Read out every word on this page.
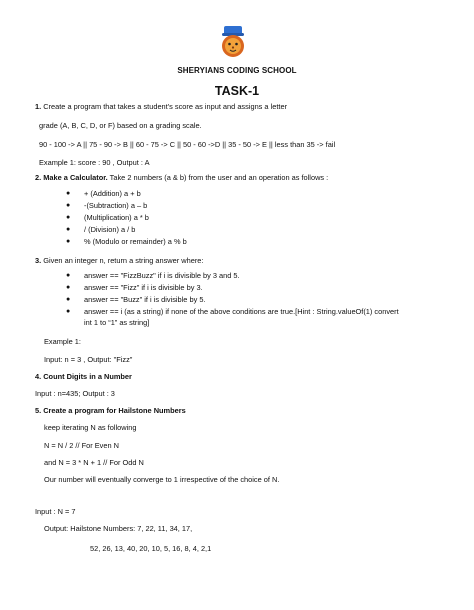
SHERYIANS CODING SCHOOL
TASK-1
1. Create a program that takes a student's score as input and assigns a letter
grade (A, B, C, D, or F) based on a grading scale.
90 - 100 -> A || 75 - 90 -> B || 60 - 75 -> C || 50 - 60 ->D || 35 - 50 -> E || less than 35 -> fail
Example 1: score : 90 , Output : A
2. Make a Calculator. Take 2 numbers (a & b) from the user and an operation as follows :
● + (Addition) a + b
● -(Subtraction) a – b
● (Multiplication) a * b
● / (Division) a / b
● % (Modulo or remainder) a % b
3. Given an integer n, return a string answer where:
● answer == "FizzBuzz" if i is divisible by 3 and 5.
● answer == "Fizz" if i is divisible by 3.
● answer == "Buzz" if i is divisible by 5.
● answer == i (as a string) if none of the above conditions are true.[Hint : String.valueOf(1) convert
int 1 to “1” as string]
Example 1:
Input: n = 3 , Output: "Fizz"
4. Count Digits in a Number
Input : n=435; Output : 3
5. Create a program for Hailstone Numbers
keep iterating N as following
N = N / 2 // For Even N
and N = 3 * N + 1 // For Odd N
Our number will eventually converge to 1 irrespective of the choice of N.
Input : N = 7
Output: Hailstone Numbers: 7, 22, 11, 34, 17,
52, 26, 13, 40, 20, 10, 5, 16, 8, 4, 2,1
